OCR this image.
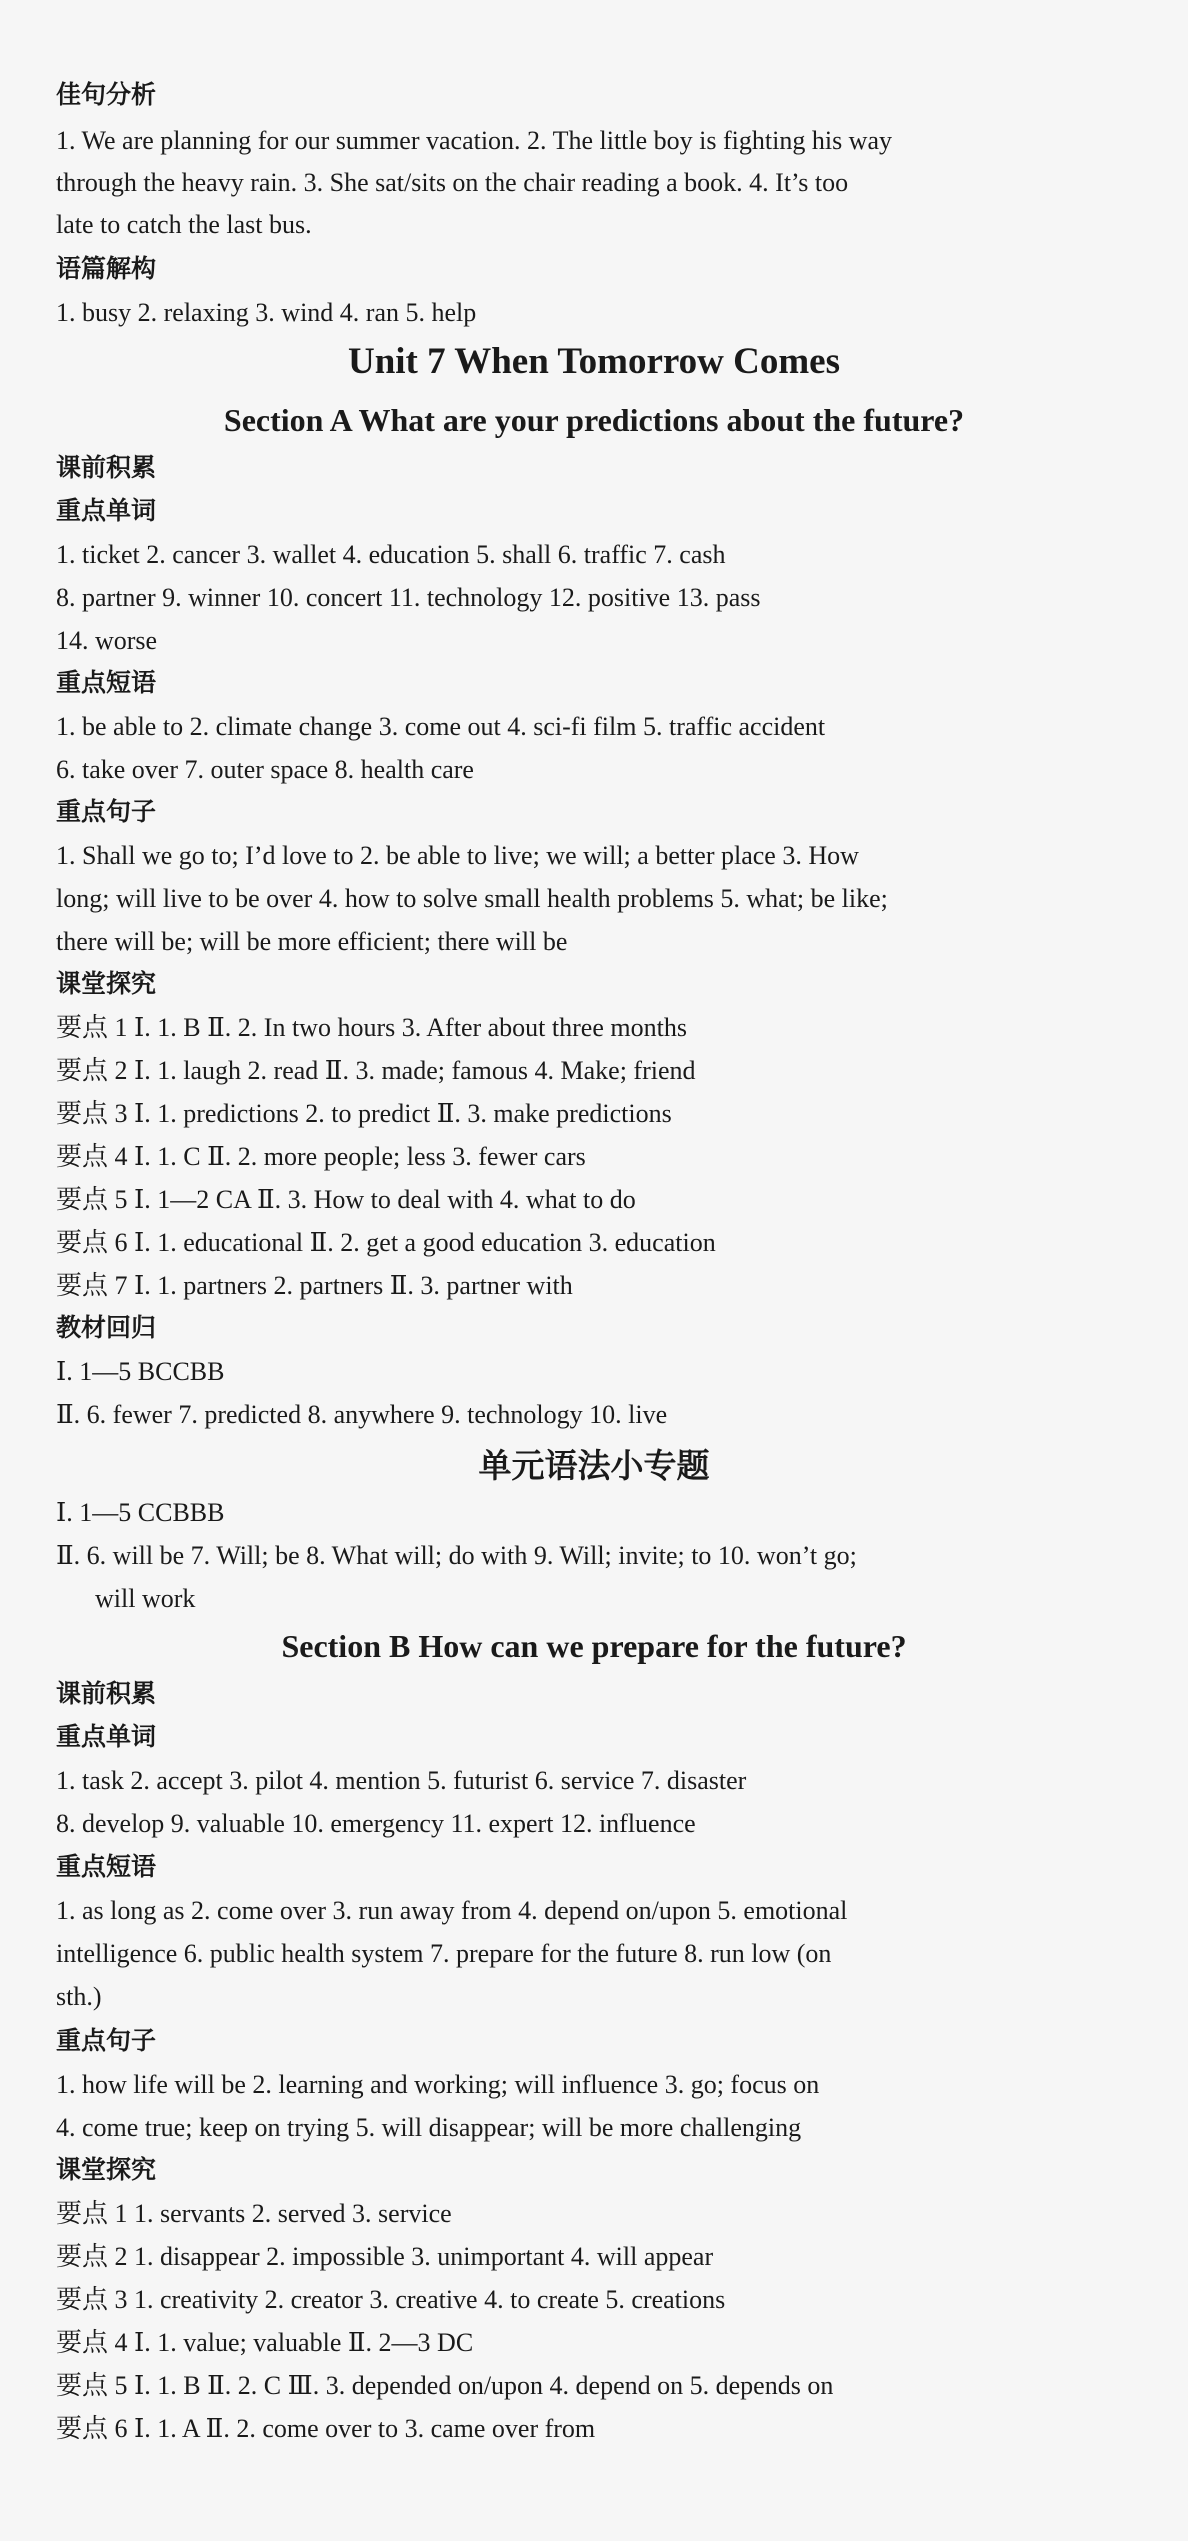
佳句分析
1. We are planning for our summer vacation. 2. The little boy is fighting his way
through the heavy rain. 3. She sat/sits on the chair reading a book. 4. It’s too
late to catch the last bus.
语篇解构
1. busy 2. relaxing 3. wind 4. ran 5. help
Unit 7 When Tomorrow Comes
Section A What are your predictions about the future?
课前积累
重点单词
1. ticket 2. cancer 3. wallet 4. education 5. shall 6. traffic 7. cash
8. partner 9. winner 10. concert 11. technology 12. positive 13. pass
14. worse
重点短语
1. be able to 2. climate change 3. come out 4. sci-fi film 5. traffic accident
6. take over 7. outer space 8. health care
重点句子
1. Shall we go to; I’d love to 2. be able to live; we will; a better place 3. How
long; will live to be over 4. how to solve small health problems 5. what; be like;
there will be; will be more efficient; there will be
课堂探究
要点 1 Ⅰ. 1. B Ⅱ. 2. In two hours 3. After about three months
要点 2 Ⅰ. 1. laugh 2. read Ⅱ. 3. made; famous 4. Make; friend
要点 3 Ⅰ. 1. predictions 2. to predict Ⅱ. 3. make predictions
要点 4 Ⅰ. 1. C Ⅱ. 2. more people; less 3. fewer cars
要点 5 Ⅰ. 1—2 CA Ⅱ. 3. How to deal with 4. what to do
要点 6 Ⅰ. 1. educational Ⅱ. 2. get a good education 3. education
要点 7 Ⅰ. 1. partners 2. partners Ⅱ. 3. partner with
教材回归
Ⅰ. 1—5 BCCBB
Ⅱ. 6. fewer 7. predicted 8. anywhere 9. technology 10. live
单元语法小专题
Ⅰ. 1—5 CCBBB
Ⅱ. 6. will be 7. Will; be 8. What will; do with 9. Will; invite; to 10. won’t go;
will work
Section B How can we prepare for the future?
课前积累
重点单词
1. task 2. accept 3. pilot 4. mention 5. futurist 6. service 7. disaster
8. develop 9. valuable 10. emergency 11. expert 12. influence
重点短语
1. as long as 2. come over 3. run away from 4. depend on/upon 5. emotional
intelligence 6. public health system 7. prepare for the future 8. run low (on
sth.)
重点句子
1. how life will be 2. learning and working; will influence 3. go; focus on
4. come true; keep on trying 5. will disappear; will be more challenging
课堂探究
要点 1 1. servants 2. served 3. service
要点 2 1. disappear 2. impossible 3. unimportant 4. will appear
要点 3 1. creativity 2. creator 3. creative 4. to create 5. creations
要点 4 Ⅰ. 1. value; valuable Ⅱ. 2—3 DC
要点 5 Ⅰ. 1. B Ⅱ. 2. C Ⅲ. 3. depended on/upon 4. depend on 5. depends on
要点 6 Ⅰ. 1. A Ⅱ. 2. come over to 3. came over from
